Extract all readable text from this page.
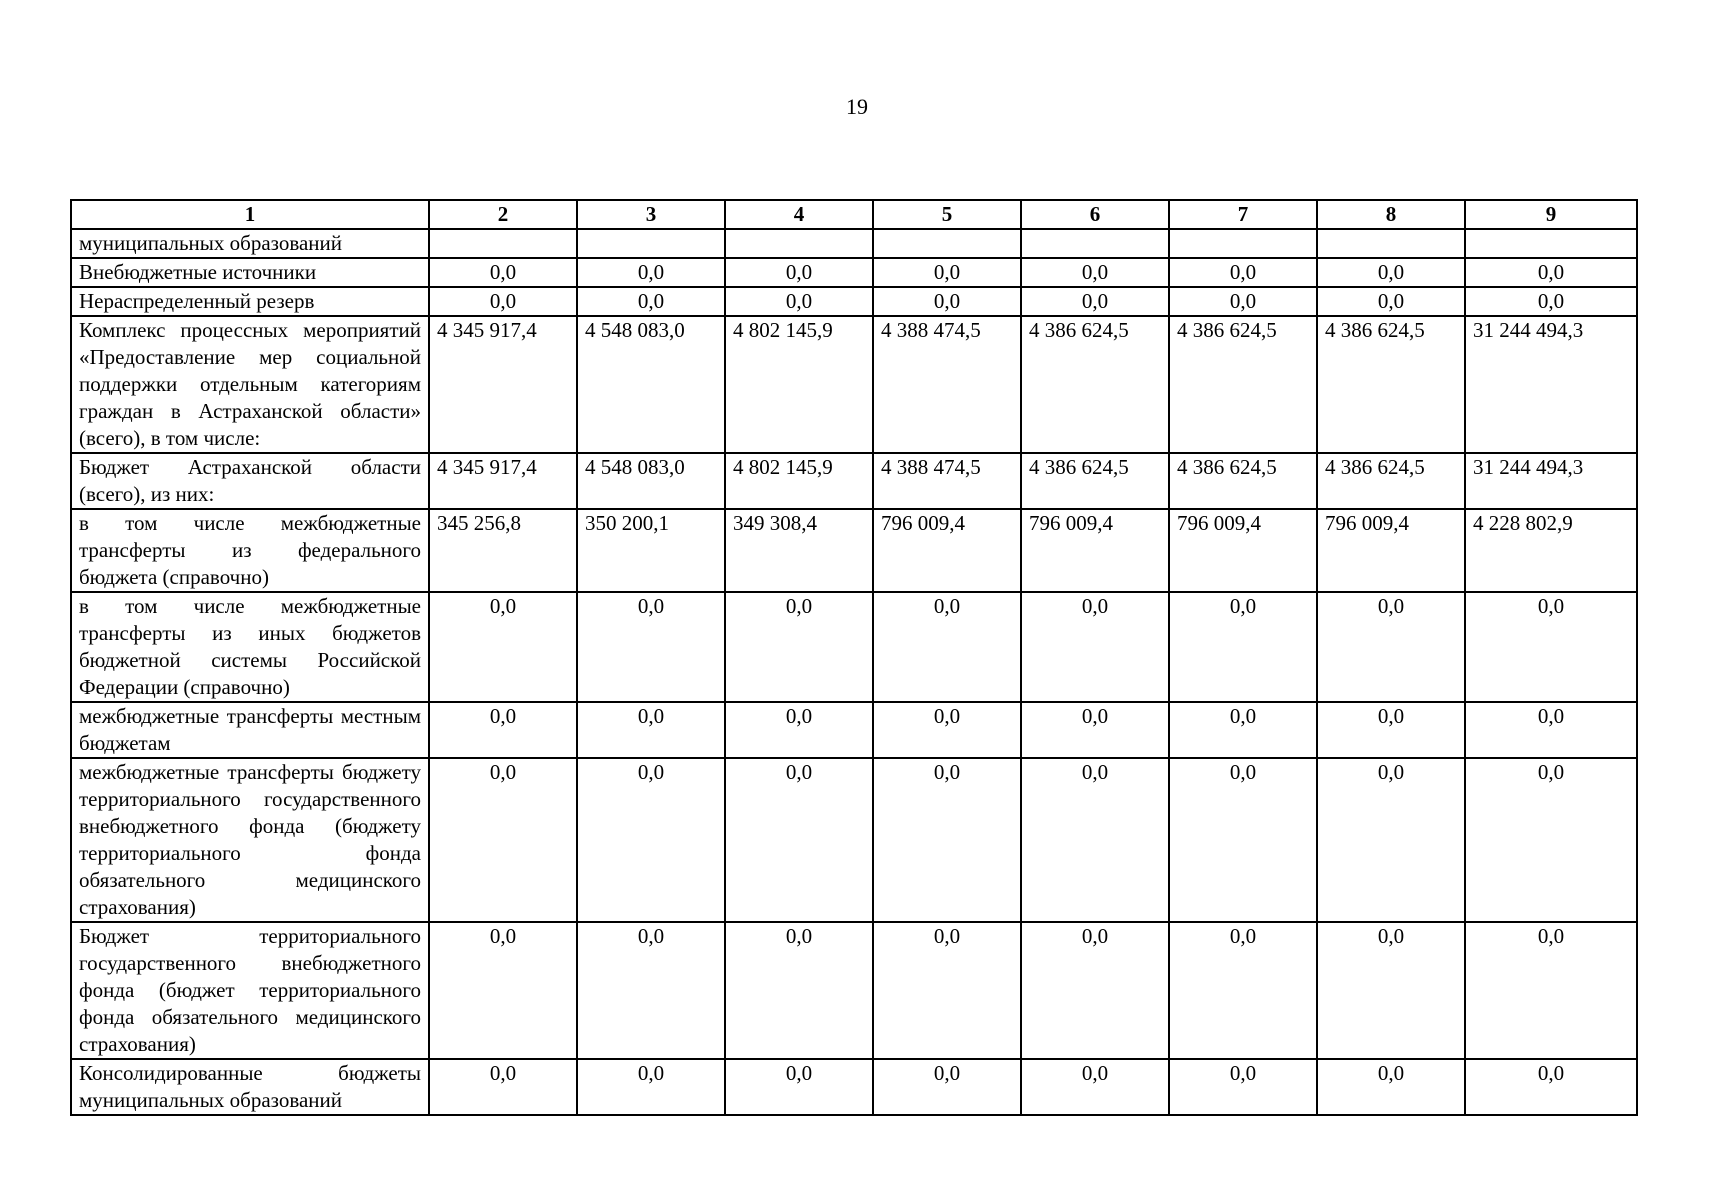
19
1	2	3	4	5	6	7	8	9
муниципальных образований								
Внебюджетные источники	0,0	0,0	0,0	0,0	0,0	0,0	0,0	0,0
Нераспределенный резерв	0,0	0,0	0,0	0,0	0,0	0,0	0,0	0,0
Комплекс процессных мероприятий «Предоставление мер социальной поддержки отдельным категориям граждан в Астраханской области» (всего), в том числе:	4 345 917,4	4 548 083,0	4 802 145,9	4 388 474,5	4 386 624,5	4 386 624,5	4 386 624,5	31 244 494,3
Бюджет Астраханской области (всего), из них:	4 345 917,4	4 548 083,0	4 802 145,9	4 388 474,5	4 386 624,5	4 386 624,5	4 386 624,5	31 244 494,3
в том числе межбюджетные трансферты из федерального бюджета (справочно)	345 256,8	350 200,1	349 308,4	796 009,4	796 009,4	796 009,4	796 009,4	4 228 802,9
в том числе межбюджетные трансферты из иных бюджетов бюджетной системы Российской Федерации (справочно)	0,0	0,0	0,0	0,0	0,0	0,0	0,0	0,0
межбюджетные трансферты местным бюджетам	0,0	0,0	0,0	0,0	0,0	0,0	0,0	0,0
межбюджетные трансферты бюджету территориального государственного внебюджетного фонда (бюджету территориального фонда обязательного медицинского страхования)	0,0	0,0	0,0	0,0	0,0	0,0	0,0	0,0
Бюджет территориального государственного внебюджетного фонда (бюджет территориального фонда обязательного медицинского страхования)	0,0	0,0	0,0	0,0	0,0	0,0	0,0	0,0
Консолидированные бюджеты муниципальных образований	0,0	0,0	0,0	0,0	0,0	0,0	0,0	0,0
